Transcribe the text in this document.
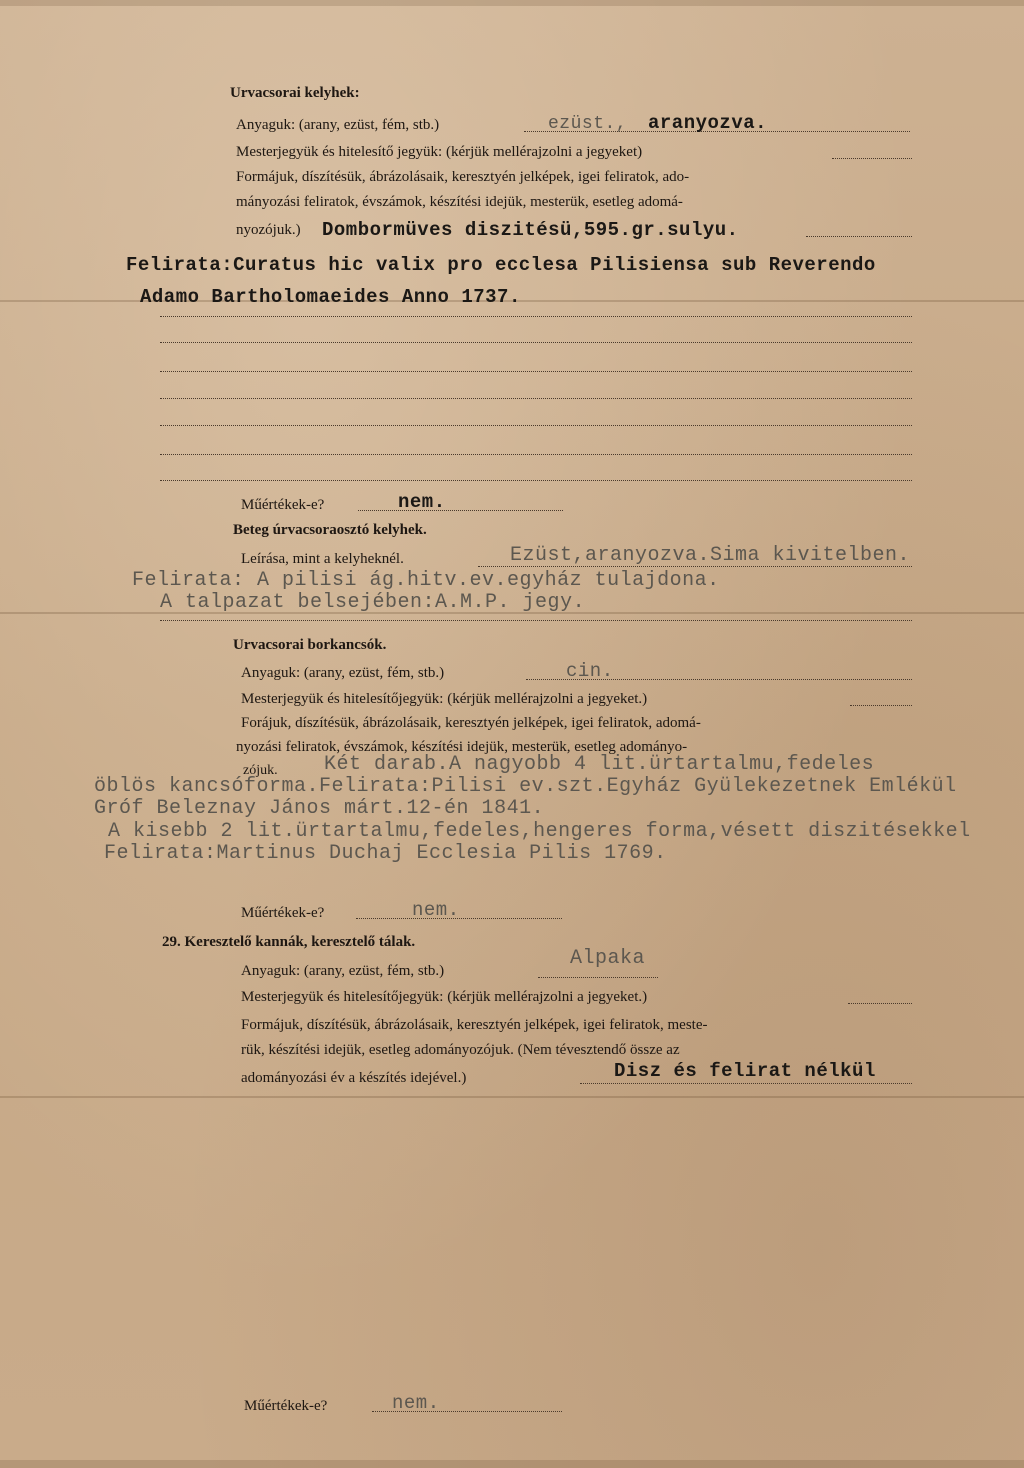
Urvacsorai kelyhek:
Anyaguk: (arany, ezüst, fém, stb.)	ezüst., aranyozva.
Mesterjegyük és hitelesítő jegyük: (kérjük mellérajzolni a jegyeket)
Formájuk, díszítésük, ábrázolásaik, keresztyén jelképek, igei feliratok, ado-
mányozási feliratok, évszámok, készítési idejük, mesterük, esetleg adomá-
nyozójuk.) Dombormüves diszitésü,595.gr.sulyu.
Felirata:Curatus hic valix pro ecclesa Pilisiensa sub Reverendo
Adamo Bartholomaeides Anno 1737.
Műértékek-e?	nem.
Beteg úrvacsoraosztó kelyhek.
Leírása, mint a kelyheknél.	Ezüst,aranyozva.Sima kivitelben.
Felirata: A pilisi ág.hitv.ev.egyház tulajdona.
A talpazat belsejében:A.M.P. jegy.
Urvacsorai borkancsók.
Anyaguk: (arany, ezüst, fém, stb.)	cin.
Mesterjegyük és hitelesítőjegyük: (kérjük mellérajzolni a jegyeket.)
Forájuk, díszítésük, ábrázolásaik, keresztyén jelképek, igei feliratok, adomá-
nyozási feliratok, évszámok, készítési idejük, mesterük, esetleg adományo-
zójuk. Két darab.A nagyobb 4 lit.ürtartalmu,fedeles
öblös kancsóforma.Felirata:Pilisi ev.szt.Egyház Gyülekezetnek Emlékül
Gróf Beleznay János márt.12-én 1841.
A kisebb 2 lit.ürtartalmu,fedeles,hengeres forma,vésett diszitésekkel
Felirata:Martinus Duchaj Ecclesia Pilis 1769.
Műértékek-e?	nem.
29. Keresztelő kannák, keresztelő tálak.
Anyaguk: (arany, ezüst, fém, stb.)
Alpaka
Mesterjegyük és hitelesítőjegyük: (kérjük mellérajzolni a jegyeket.)
Formájuk, díszítésük, ábrázolásaik, keresztyén jelképek, igei feliratok, meste-
rük, készítési idejük, esetleg adományozójuk. (Nem tévesztendő össze az
adományozási év a készítés idejével.)	Disz és felirat nélkül
Műértékek-e?	nem.
